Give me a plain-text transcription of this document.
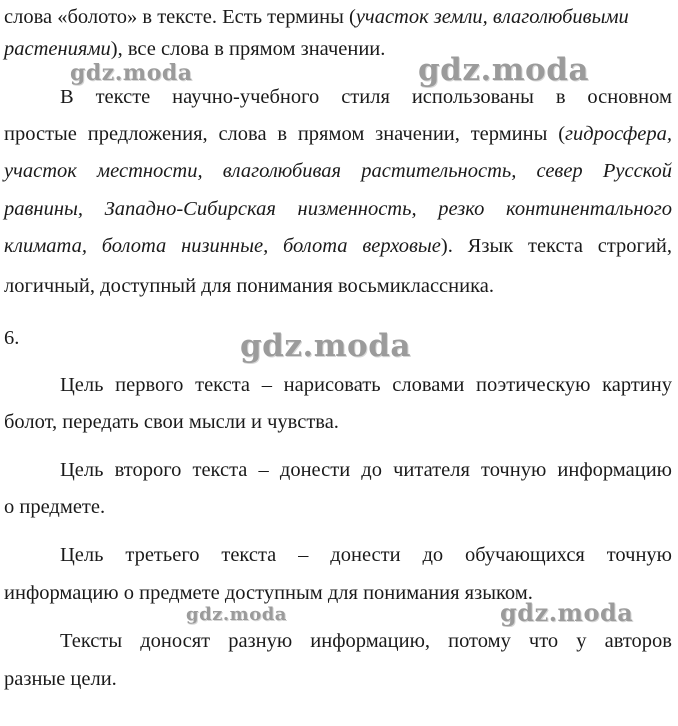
слова «болото» в тексте. Есть термины (участок земли, влаголюбивыми
растениями), все слова в прямом значении.
В тексте научно-учебного стиля использованы в основном
простые предложения, слова в прямом значении, термины (гидросфера,
участок местности, влаголюбивая растительность, север Русской
равнины, Западно-Сибирская низменность, резко континентального
климата, болота низинные, болота верховые). Язык текста строгий,
логичный, доступный для понимания восьмиклассника.
6.
Цель первого текста – нарисовать словами поэтическую картину
болот, передать свои мысли и чувства.
Цель второго текста – донести до читателя точную информацию
о предмете.
Цель третьего текста – донести до обучающихся точную
информацию о предмете доступным для понимания языком.
Тексты доносят разную информацию, потому что у авторов
разные цели.
gdz.moda	gdz.moda
gdz.moda
gdz.moda	gdz.moda
